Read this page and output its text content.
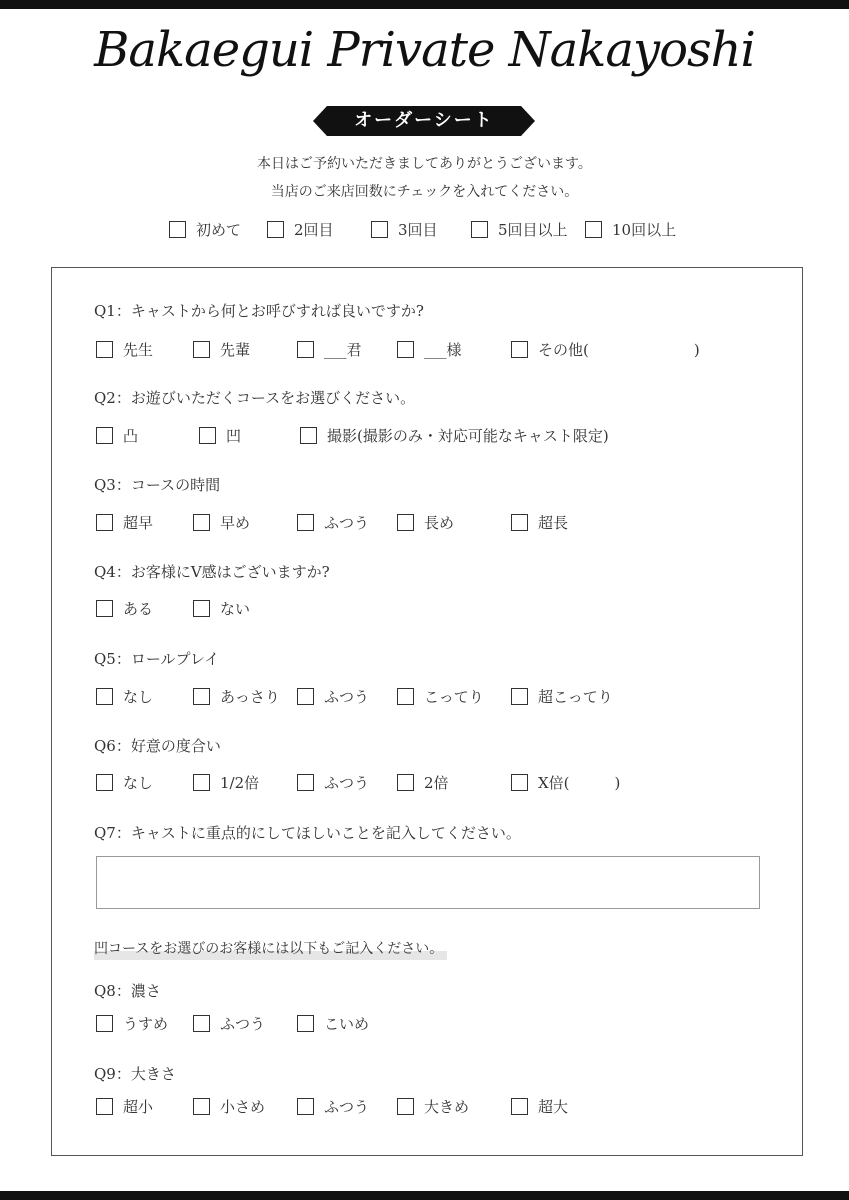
Bakaegui Private Nakayoshi
オーダーシート
本日はご予約いただきましてありがとうございます。
当店のご来店回数にチェックを入れてください。
初めて	2回目	3回目	5回目以上	10回以上
Q1：キャストから何とお呼びすれば良いですか?
先生	先輩	___君	___様	その他(　　　　　　　)
Q2：お遊びいただくコースをお選びください。
凸	凹	撮影(撮影のみ・対応可能なキャスト限定)
Q3：コースの時間
超早	早め	ふつう	長め	超長
Q4：お客様にV感はございますか?
ある	ない
Q5：ロールプレイ
なし	あっさり	ふつう	こってり	超こってり
Q6：好意の度合い
なし	1/2倍	ふつう	2倍	X倍(　　　)
Q7：キャストに重点的にしてほしいことを記入してください。
凹コースをお選びのお客様には以下もご記入ください。
Q8：濃さ
うすめ	ふつう	こいめ
Q9：大きさ
超小	小さめ	ふつう	大きめ	超大
